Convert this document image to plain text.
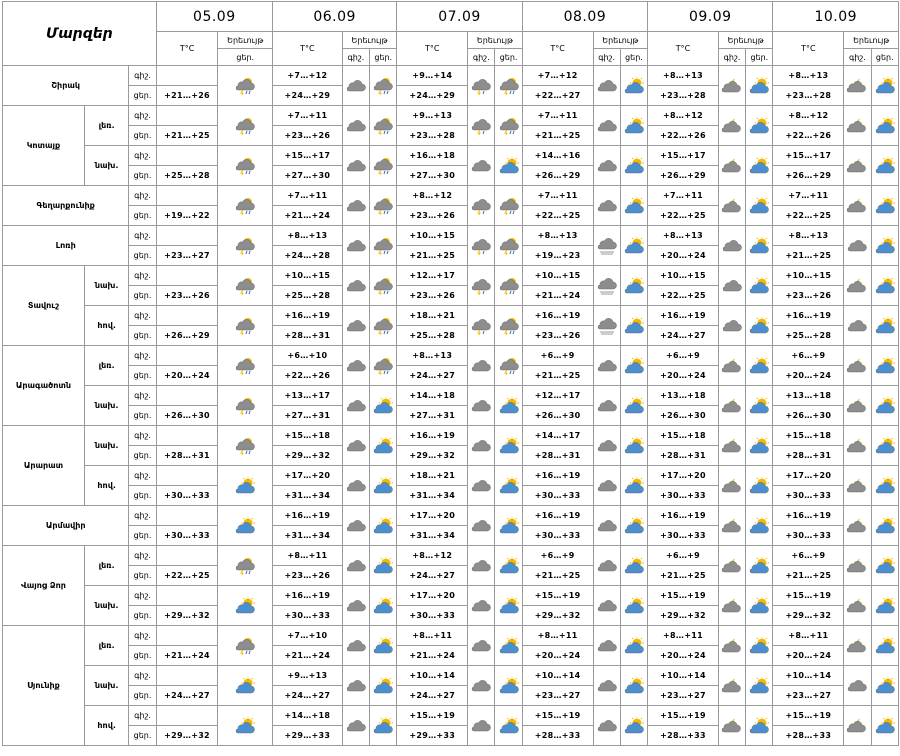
Մարզեր			05.09		06.09			07.09			08.09			09.09			10.09		
			T°C	Երեւույթ	T°C	Երեւույթ		T°C	Երեւույթ		T°C	Երեւույթ		T°C	Երեւույթ		T°C	Երեւույթ	
				ցեր.		գիշ.	ցեր.		գիշ.	ցեր.		գիշ.	ցեր.		գիշ.	ցեր.		գիշ.	ցեր.
Շիրակ		գիշ.			+7…+12			+9…+14			+7…+12			+8…+13			+8…+13	

		ցեր.	+21…+26		+24…+29			+24…+29			+22…+27			+23…+28			+23…+28		
Կոտայք	լեռ.	գիշ.			+7…+11			+9…+13			+7…+11			+8…+12			+8…+12	

		ցեր.	+21…+25		+23…+26			+23…+28			+21…+25			+22…+26			+22…+26		
	նախ.	գիշ.			+15…+17			+16…+18			+14…+16			+15…+17			+15…+17	

		ցեր.	+25…+28		+27…+30			+27…+30			+26…+29			+26…+29			+26…+29		
Գեղարքունիք		գիշ.			+7…+11			+8…+12			+7…+11			+7…+11			+7…+11	

		ցեր.	+19…+22		+21…+24			+23…+26			+22…+25			+22…+25			+22…+25		
Լոռի		գիշ.			+8…+13			+10…+15			+8…+13			+8…+13			+8…+13	

		ցեր.	+23…+27		+24…+28			+21…+25			+19…+23			+20…+24			+21…+25		
Տավուշ	նախ.	գիշ.			+10…+15			+12…+17			+10…+15			+10…+15			+10…+15	

		ցեր.	+23…+26		+25…+28			+23…+26			+21…+24			+22…+25			+23…+26		
	հով.	գիշ.			+16…+19			+18…+21			+16…+19			+16…+19			+16…+19	

		ցեր.	+26…+29		+28…+31			+25…+28			+23…+26			+24…+27			+25…+28		
Արագածոտն	լեռ.	գիշ.			+6…+10			+8…+13			+6…+9			+6…+9			+6…+9	

		ցեր.	+20…+24		+22…+26			+24…+27			+21…+25			+20…+24			+20…+24		
	նախ.	գիշ.			+13…+17			+14…+18			+12…+17			+13…+18			+13…+18	

		ցեր.	+26…+30		+27…+31			+27…+31			+26…+30			+26…+30			+26…+30		
Արարատ	նախ.	գիշ.			+15…+18			+16…+19			+14…+17			+15…+18			+15…+18	

		ցեր.	+28…+31		+29…+32			+29…+32			+28…+31			+28…+31			+28…+31		
	հով.	գիշ.			+17…+20			+18…+21			+16…+19			+17…+20			+17…+20	

		ցեր.	+30…+33		+31…+34			+31…+34			+30…+33			+30…+33			+30…+33		
Արմավիր		գիշ.			+16…+19			+17…+20			+16…+19			+16…+19			+16…+19	

		ցեր.	+30…+33		+31…+34			+31…+34			+30…+33			+30…+33			+30…+33		
Վայոց Ձոր	լեռ.	գիշ.			+8…+11			+8…+12			+6…+9			+6…+9			+6…+9	

		ցեր.	+22…+25		+23…+26			+24…+27			+21…+25			+21…+25			+21…+25		
	նախ.	գիշ.			+16…+19			+17…+20			+15…+19			+15…+19			+15…+19	

		ցեր.	+29…+32		+30…+33			+30…+33			+29…+32			+29…+32			+29…+32		
Սյունիք	լեռ.	գիշ.			+7…+10			+8…+11			+8…+11			+8…+11			+8…+11	

		ցեր.	+21…+24		+21…+24			+21…+24			+20…+24			+20…+24			+20…+24		
	նախ.	գիշ.			+9…+13			+10…+14			+10…+14			+10…+14			+10…+14	

		ցեր.	+24…+27		+24…+27			+24…+27			+23…+27			+23…+27			+23…+27		
	հով.	գիշ.			+14…+18			+15…+19			+15…+19			+15…+19			+15…+19	

		ցեր.	+29…+32		+29…+33			+29…+33			+28…+33			+28…+33			+28…+33		
